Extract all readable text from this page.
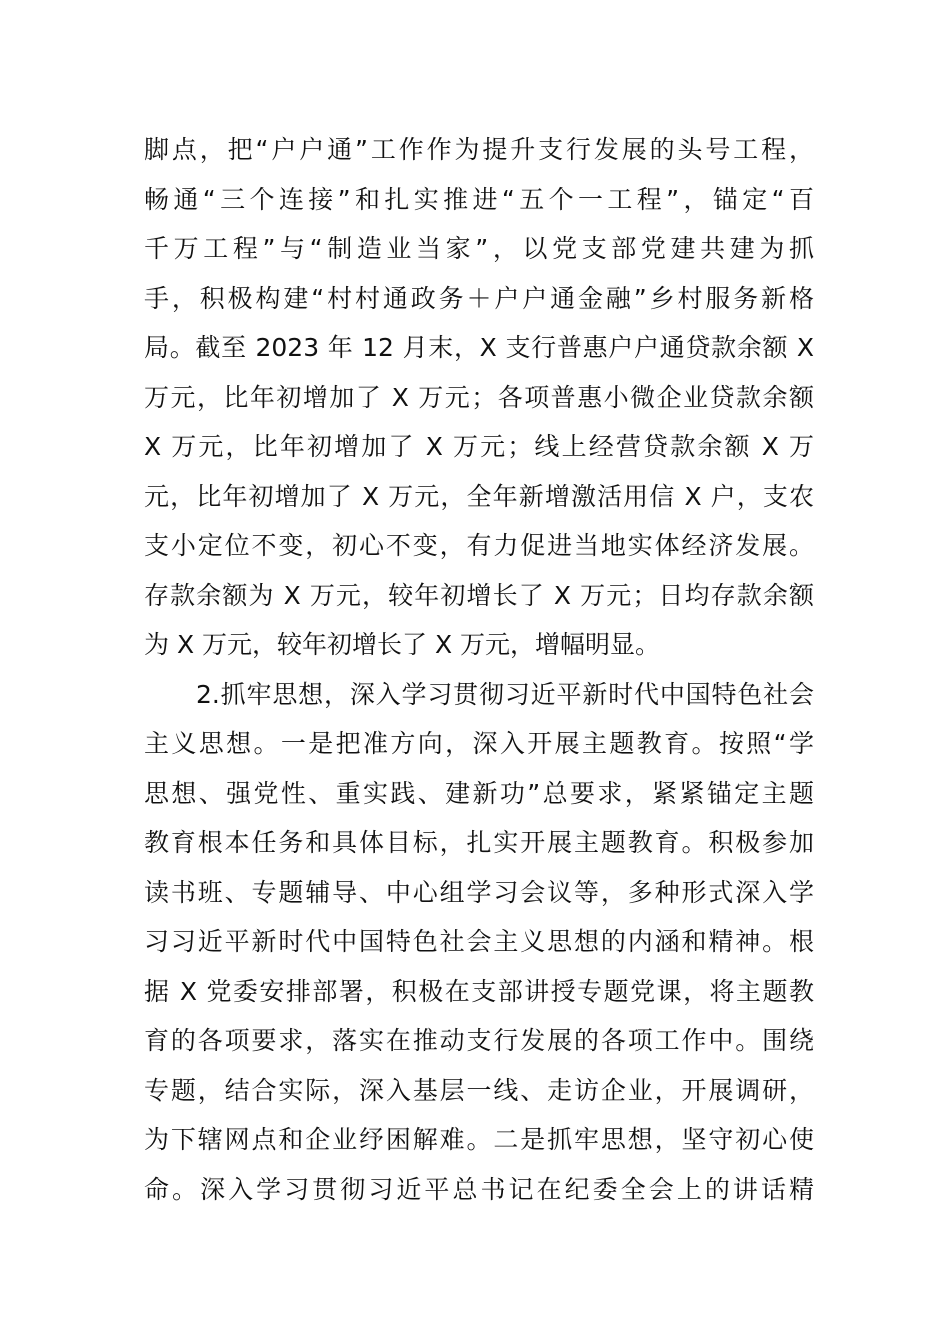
脚点，把“户户通”工作作为提升支行发展的头号工程，
畅通“三个连接”和扎实推进“五个一工程”，锚定“百
千万工程”与“制造业当家”，以党支部党建共建为抓
手，积极构建“村村通政务＋户户通金融”乡村服务新格
局。截至 2023 年 12 月末，X 支行普惠户户通贷款余额 X
万元，比年初增加了 X 万元；各项普惠小微企业贷款余额
X 万元，比年初增加了 X 万元；线上经营贷款余额 X 万
元，比年初增加了 X 万元，全年新增激活用信 X 户，支农
支小定位不变，初心不变，有力促进当地实体经济发展。
存款余额为 X 万元，较年初增长了 X 万元；日均存款余额
为 X 万元，较年初增长了 X 万元，增幅明显。
2.抓牢思想，深入学习贯彻习近平新时代中国特色社会
主义思想。一是把准方向，深入开展主题教育。按照“学
思想、强党性、重实践、建新功”总要求，紧紧锚定主题
教育根本任务和具体目标，扎实开展主题教育。积极参加
读书班、专题辅导、中心组学习会议等，多种形式深入学
习习近平新时代中国特色社会主义思想的内涵和精神。根
据 X 党委安排部署，积极在支部讲授专题党课，将主题教
育的各项要求，落实在推动支行发展的各项工作中。围绕
专题，结合实际，深入基层一线、走访企业，开展调研，
为下辖网点和企业纾困解难。二是抓牢思想，坚守初心使
命。深入学习贯彻习近平总书记在纪委全会上的讲话精
